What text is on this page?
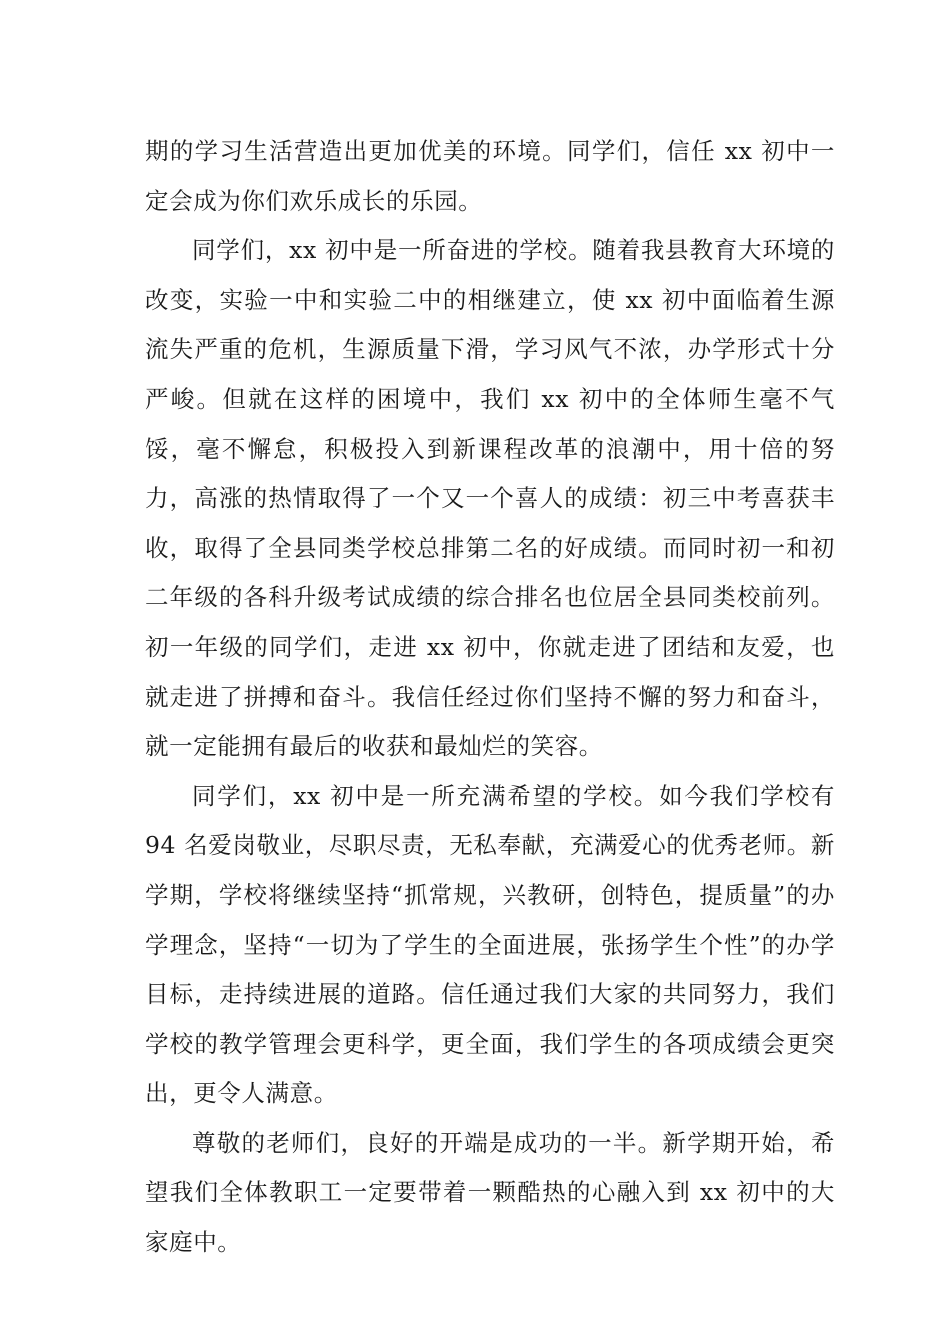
期的学习生活营造出更加优美的环境。同学们，信任 xx 初中一定会成为你们欢乐成长的乐园。

同学们，xx 初中是一所奋进的学校。随着我县教育大环境的改变，实验一中和实验二中的相继建立，使 xx 初中面临着生源流失严重的危机，生源质量下滑，学习风气不浓，办学形式十分严峻。但就在这样的困境中，我们 xx 初中的全体师生毫不气馁，毫不懈怠，积极投入到新课程改革的浪潮中，用十倍的努力，高涨的热情取得了一个又一个喜人的成绩：初三中考喜获丰收，取得了全县同类学校总排第二名的好成绩。而同时初一和初二年级的各科升级考试成绩的综合排名也位居全县同类校前列。初一年级的同学们，走进 xx 初中，你就走进了团结和友爱，也就走进了拼搏和奋斗。我信任经过你们坚持不懈的努力和奋斗，就一定能拥有最后的收获和最灿烂的笑容。

同学们，xx 初中是一所充满希望的学校。如今我们学校有 94 名爱岗敬业，尽职尽责，无私奉献，充满爱心的优秀老师。新学期，学校将继续坚持“抓常规，兴教研，创特色，提质量”的办学理念，坚持“一切为了学生的全面进展，张扬学生个性”的办学目标，走持续进展的道路。信任通过我们大家的共同努力，我们学校的教学管理会更科学，更全面，我们学生的各项成绩会更突出，更令人满意。

尊敬的老师们，良好的开端是成功的一半。新学期开始，希望我们全体教职工一定要带着一颗酷热的心融入到 xx 初中的大家庭中。
